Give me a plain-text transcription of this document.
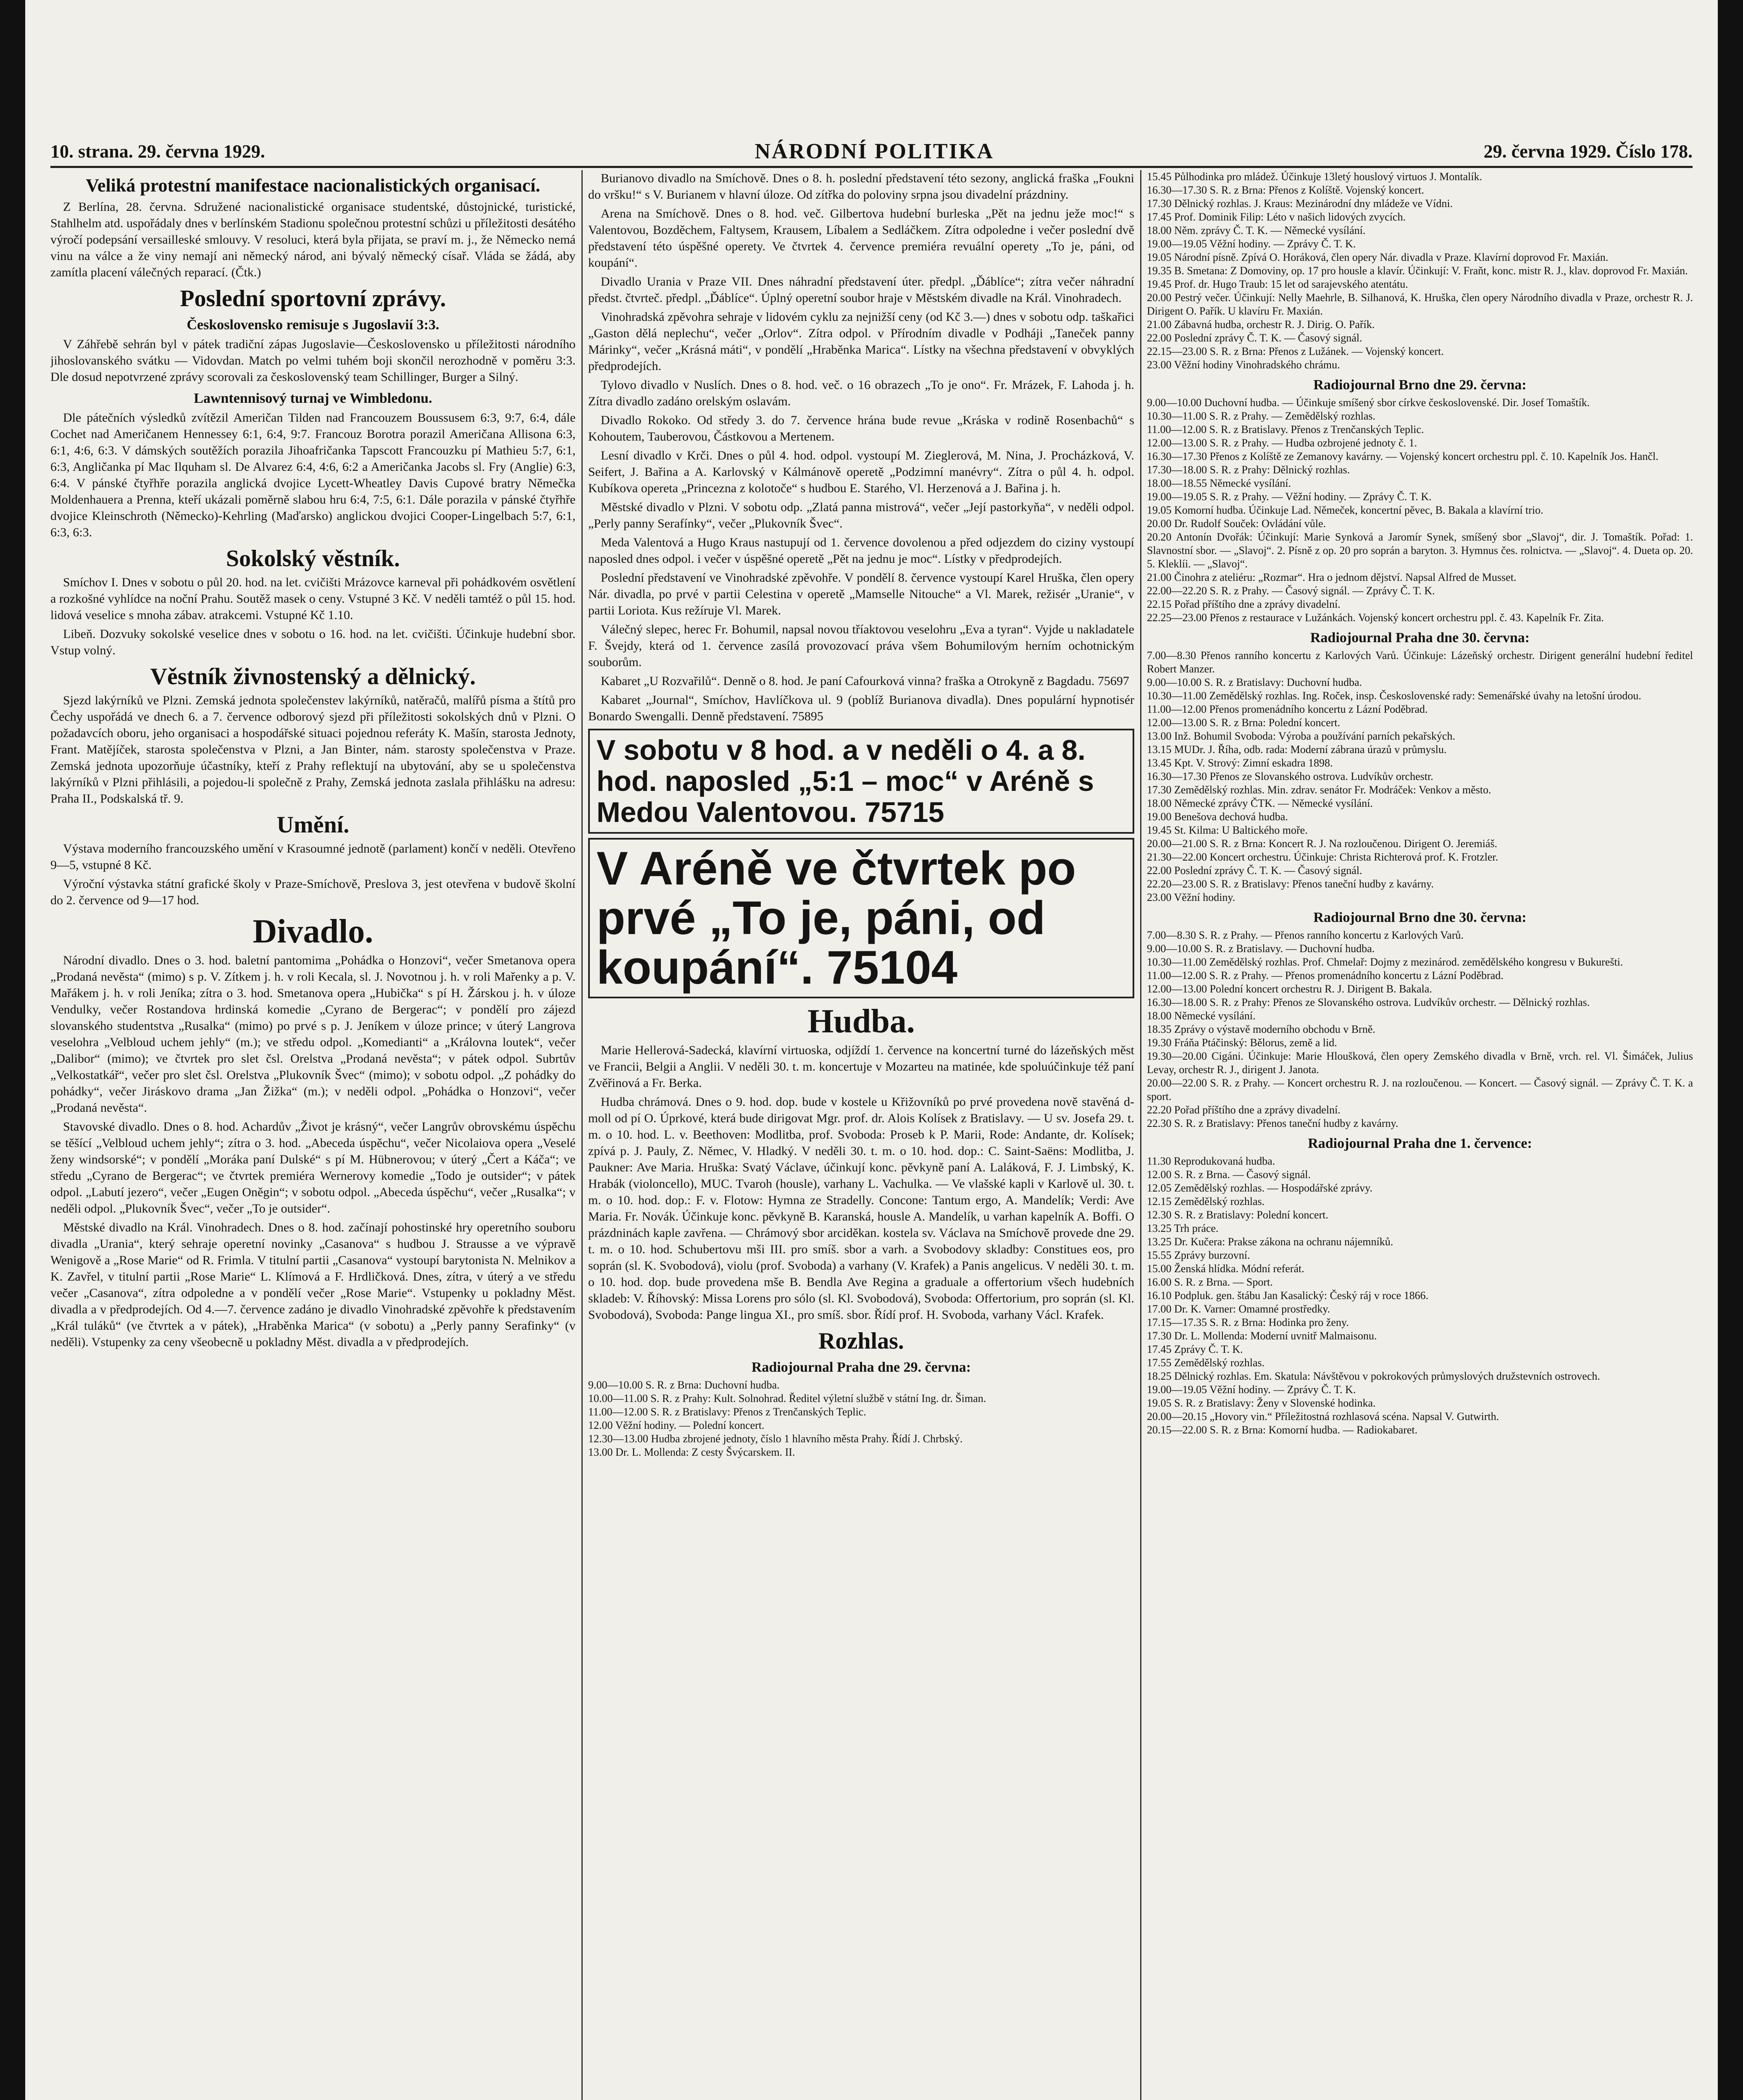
10. strana. 29. června 1929.	NÁRODNÍ POLITIKA	29. června 1929. Číslo 178.
Veliká protestní manifestace nacionalistických organisací.

Z Berlína, 28. června. Sdružené nacionalistické organisace studentské, důstojnické, turistické, Stahlhelm atd. uspořádaly dnes v berlínském Stadionu společnou protestní schůzi u příležitosti desátého výročí podepsání versailleské smlouvy. V resoluci, která byla přijata, se praví m. j., že Německo nemá vinu na válce a že viny nemají ani německý národ, ani bývalý německý císař. Vláda se žádá, aby zamítla placení válečných reparací. (Čtk.)

Poslední sportovní zprávy.
Československo remisuje s Jugoslavií 3:3.

V Záhřebě sehrán byl v pátek tradiční zápas Jugoslavie—Československo u příležitosti národního jihoslovanského svátku — Vidovdan. Match po velmi tuhém boji skončil nerozhodně v poměru 3:3. Dle dosud nepotvrzené zprávy scorovali za československý team Schillinger, Burger a Silný.

Lawntennisový turnaj ve Wimbledonu.

Dle pátečních výsledků zvítězil Američan Tilden nad Francouzem Boussusem 6:3, 9:7, 6:4, dále Cochet nad Američanem Hennessey 6:1, 6:4, 9:7. Francouz Borotra porazil Američana Allisona 6:3, 6:1, 4:6, 6:3. V dámských soutěžích porazila Jihoafričanka Tapscott Francouzku pí Mathieu 5:7, 6:1, 6:3, Angličanka pí Mac Ilquham sl. De Alvarez 6:4, 4:6, 6:2 a Američanka Jacobs sl. Fry (Anglie) 6:3, 6:4. V pánské čtyřhře porazila anglická dvojice Lycett-Wheatley Davis Cupové bratry Němečka Moldenhauera a Prenna, kteří ukázali poměrně slabou hru 6:4, 7:5, 6:1. Dále porazila v pánské čtyřhře dvojice Kleinschroth (Německo)-Kehrling (Maďarsko) anglickou dvojici Cooper-Lingelbach 5:7, 6:1, 6:3, 6:3.

Sokolský věstník.

Smíchov I. Dnes v sobotu o půl 20. hod. na let. cvičišti Mrázovce karneval při pohádkovém osvětlení a rozkošné vyhlídce na noční Prahu. Soutěž masek o ceny. Vstupné 3 Kč. V neděli tamtéž o půl 15. hod. lidová veselice s mnoha zábav. atrakcemi. Vstupné Kč 1.10.

Libeň. Dozvuky sokolské veselice dnes v sobotu o 16. hod. na let. cvičišti. Účinkuje hudební sbor. Vstup volný.

Věstník živnostenský a dělnický.

Sjezd lakýrníků ve Plzni. Zemská jednota společenstev lakýrníků, natěračů, malířů písma a štítů pro Čechy uspořádá ve dnech 6. a 7. července odborový sjezd při příležitosti sokolských dnů v Plzni. O požadavcích oboru, jeho organisaci a hospodářské situaci pojednou referáty K. Mašín, starosta Jednoty, Frant. Matějíček, starosta společenstva v Plzni, a Jan Binter, nám. starosty společenstva v Praze. Zemská jednota upozorňuje účastníky, kteří z Prahy reflektují na ubytování, aby se u společenstva lakýrníků v Plzni přihlásili, a pojedou-li společně z Prahy, Zemská jednota zaslala přihlášku na adresu: Praha II., Podskalská tř. 9.

Umění.

Výstava moderního francouzského umění v Krasoumné jednotě (parlament) končí v neděli. Otevřeno 9—5, vstupné 8 Kč.

Výroční výstavka státní grafické školy v Praze-Smíchově, Preslova 3, jest otevřena v budově školní do 2. července od 9—17 hod.

Divadlo.

Národní divadlo. Dnes o 3. hod. baletní pantomima „Pohádka o Honzovi“, večer Smetanova opera „Prodaná nevěsta“ (mimo) s p. V. Zítkem j. h. v roli Kecala, sl. J. Novotnou j. h. v roli Mařenky a p. V. Mařákem j. h. v roli Jeníka; zítra o 3. hod. Smetanova opera „Hubička“ s pí H. Žárskou j. h. v úloze Vendulky, večer Rostandova hrdinská komedie „Cyrano de Bergerac“; v pondělí pro zájezd slovanského studentstva „Rusalka“ (mimo) po prvé s p. J. Jeníkem v úloze prince; v úterý Langrova veselohra „Velbloud uchem jehly“ (m.); ve středu odpol. „Komedianti“ a „Královna loutek“, večer „Dalibor“ (mimo); ve čtvrtek pro slet čsl. Orelstva „Prodaná nevěsta“; v pátek odpol. Subrtův „Velkostatkář“, večer pro slet čsl. Orelstva „Plukovník Švec“ (mimo); v sobotu odpol. „Z pohádky do pohádky“, večer Jiráskovo drama „Jan Žižka“ (m.); v neděli odpol. „Pohádka o Honzovi“, večer „Prodaná nevěsta“.

Stavovské divadlo. Dnes o 8. hod. Achardův „Život je krásný“, večer Langrův obrovskému úspěchu se těšící „Velbloud uchem jehly“; zítra o 3. hod. „Abeceda úspěchu“, večer Nicolaiova opera „Veselé ženy windsorské“; v pondělí „Moráka paní Dulské“ s pí M. Hübnerovou; v úterý „Čert a Káča“; ve středu „Cyrano de Bergerac“; ve čtvrtek premiéra Wernerovy komedie „Todo je outsider“; v pátek odpol. „Labutí jezero“, večer „Eugen Oněgin“; v sobotu odpol. „Abeceda úspěchu“, večer „Rusalka“; v neděli odpol. „Plukovník Švec“, večer „To je outsider“.

Městské divadlo na Král. Vinohradech. Dnes o 8. hod. začínají pohostinské hry operetního souboru divadla „Urania“, který sehraje operetní novinky „Casanova“ s hudbou J. Strausse a ve výpravě Wenigově a „Rose Marie“ od R. Frimla. V titulní partii „Casanova“ vystoupí barytonista N. Melnikov a K. Zavřel, v titulní partii „Rose Marie“ L. Klímová a F. Hrdličková. Dnes, zítra, v úterý a ve středu večer „Casanova“, zítra odpoledne a v pondělí večer „Rose Marie“. Vstupenky u pokladny Měst. divadla a v předprodejích. Od 4.—7. července zadáno je divadlo Vinohradské zpěvohře k představením „Král tuláků“ (ve čtvrtek a v pátek), „Hraběnka Marica“ (v sobotu) a „Perly panny Serafinky“ (v neděli). Vstupenky za ceny všeobecně u pokladny Měst. divadla a v předprodejích.

Burianovo divadlo na Smíchově. Dnes o 8. h. poslední představení této sezony, anglická fraška „Foukni do vršku!“ s V. Burianem v hlavní úloze. Od zítřka do poloviny srpna jsou divadelní prázdniny.

Arena na Smíchově. Dnes o 8. hod. več. Gilbertova hudební burleska „Pět na jednu ježe moc!“ s Valentovou, Bozděchem, Faltysem, Krausem, Líbalem a Sedláčkem. Zítra odpoledne i večer poslední dvě představení této úspěšné operety. Ve čtvrtek 4. července premiéra revuální operety „To je, páni, od koupání“.

Divadlo Urania v Praze VII. Dnes náhradní představení úter. předpl. „Ďáblíce“; zítra večer náhradní předst. čtvrteč. předpl. „Ďáblíce“. Úplný operetní soubor hraje v Městském divadle na Král. Vinohradech.

Vinohradská zpěvohra sehraje v lidovém cyklu za nejnižší ceny (od Kč 3.—) dnes v sobotu odp. taškařici „Gaston dělá neplechu“, večer „Orlov“. Zítra odpol. v Přírodním divadle v Podháji „Taneček panny Márinky“, večer „Krásná máti“, v pondělí „Hraběnka Marica“. Lístky na všechna představení v obvyklých předprodejích.

Tylovo divadlo v Nuslích. Dnes o 8. hod. več. o 16 obrazech „To je ono“. Fr. Mrázek, F. Lahoda j. h. Zítra divadlo zadáno orelským oslavám.

Divadlo Rokoko. Od středy 3. do 7. července hrána bude revue „Kráska v rodině Rosenbachů“ s Kohoutem, Tauberovou, Částkovou a Mertenem.

Lesní divadlo v Krči. Dnes o půl 4. hod. odpol. vystoupí M. Zieglerová, M. Nina, J. Procházková, V. Seifert, J. Bařina a A. Karlovský v Kálmánově operetě „Podzimní manévry“. Zítra o půl 4. h. odpol. Kubíkova opereta „Princezna z kolotoče“ s hudbou E. Starého, Vl. Herzenová a J. Bařina j. h.

Městské divadlo v Plzni. V sobotu odp. „Zlatá panna mistrová“, večer „Její pastorkyňa“, v neděli odpol. „Perly panny Serafínky“, večer „Plukovník Švec“.

Meda Valentová a Hugo Kraus nastupují od 1. července dovolenou a před odjezdem do ciziny vystoupí naposled dnes odpol. i večer v úspěšné operetě „Pět na jednu je moc“. Lístky v předprodejích.

Poslední představení ve Vinohradské zpěvohře. V pondělí 8. července vystoupí Karel Hruška, člen opery Nár. divadla, po prvé v partii Celestina v operetě „Mamselle Nitouche“ a Vl. Marek, režisér „Uranie“, v partii Loriota. Kus režíruje Vl. Marek.

Válečný slepec, herec Fr. Bohumil, napsal novou tříaktovou veselohru „Eva a tyran“. Vyjde u nakladatele F. Švejdy, která od 1. července zasílá provozovací práva všem Bohumilovým herním ochotnickým souborům.

Kabaret „U Rozvařilů“. Denně o 8. hod. Je paní Cafourková vinna? fraška a Otrokyně z Bagdadu. 75697

Kabaret „Journal“, Smíchov, Havlíčkova ul. 9 (poblíž Burianova divadla). Dnes populární hypnotisér Bonardo Swengalli. Denně představení. 75895

V sobotu v 8 hod. a v neděli o 4. a 8. hod. naposled „5:1 – moc“ v Aréně s Medou Valentovou. 75715
V Aréně ve čtvrtek po prvé „To je, páni, od koupání“. 75104
Hudba.

Marie Hellerová-Sadecká, klavírní virtuoska, odjíždí 1. července na koncertní turné do lázeňských měst ve Francii, Belgii a Anglii. V neděli 30. t. m. koncertuje v Mozarteu na matinée, kde spoluúčinkuje též paní Zvěřinová a Fr. Berka.

Hudba chrámová. Dnes o 9. hod. dop. bude v kostele u Křižovníků po prvé provedena nově stavěná d-moll od pí O. Úprkové, která bude dirigovat Mgr. prof. dr. Alois Kolísek z Bratislavy. — U sv. Josefa 29. t. m. o 10. hod. L. v. Beethoven: Modlitba, prof. Svoboda: Proseb k P. Marii, Rode: Andante, dr. Kolísek; zpívá p. J. Pauly, Z. Němec, V. Hladký. V neděli 30. t. m. o 10. hod. dop.: C. Saint-Saëns: Modlitba, J. Paukner: Ave Maria. Hruška: Svatý Václave, účinkují konc. pěvkyně paní A. Laláková, F. J. Limbský, K. Hrabák (violoncello), MUC. Tvaroh (housle), varhany L. Vachulka. — Ve vlašské kapli v Karlově ul. 30. t. m. o 10. hod. dop.: F. v. Flotow: Hymna ze Stradelly. Concone: Tantum ergo, A. Mandelík; Verdi: Ave Maria. Fr. Novák. Účinkuje konc. pěvkyně B. Karanská, housle A. Mandelík, u varhan kapelník A. Boffi. O prázdninách kaple zavřena. — Chrámový sbor arciděkan. kostela sv. Václava na Smíchově provede dne 29. t. m. o 10. hod. Schubertovu mši III. pro smíš. sbor a varh. a Svobodovy skladby: Constitues eos, pro soprán (sl. K. Svobodová), violu (prof. Svoboda) a varhany (V. Krafek) a Panis angelicus. V neděli 30. t. m. o 10. hod. dop. bude provedena mše B. Bendla Ave Regina a graduale a offertorium všech hudebních skladeb: V. Říhovský: Missa Lorens pro sólo (sl. Kl. Svobodová), Svoboda: Offertorium, pro soprán (sl. Kl. Svobodová), Svoboda: Pange lingua XI., pro smíš. sbor. Řídí prof. H. Svoboda, varhany Václ. Krafek.

Rozhlas.
Radiojournal Praha dne 29. června:

9.00—10.00 S. R. z Brna: Duchovní hudba.

10.00—11.00 S. R. z Prahy: Kult. Solnohrad. Ředitel výletní službě v státní Ing. dr. Šiman.

11.00—12.00 S. R. z Bratislavy: Přenos z Trenčanských Teplic.

12.00 Věžní hodiny. — Polední koncert.

12.30—13.00 Hudba zbrojené jednoty, číslo 1 hlavního města Prahy. Řídí J. Chrbský.

13.00 Dr. L. Mollenda: Z cesty Švýcarskem. II.

15.45 Půlhodinka pro mládež. Účinkuje 13letý houslový virtuos J. Montalík.

16.30—17.30 S. R. z Brna: Přenos z Kolíště. Vojenský koncert.

17.30 Dělnický rozhlas. J. Kraus: Mezinárodní dny mládeže ve Vídni.

17.45 Prof. Dominik Filip: Léto v našich lidových zvycích.

18.00 Něm. zprávy Č. T. K. — Německé vysílání.

19.00—19.05 Věžní hodiny. — Zprávy Č. T. K.

19.05 Národní písně. Zpívá O. Horáková, člen opery Nár. divadla v Praze. Klavírní doprovod Fr. Maxián.

19.35 B. Smetana: Z Domoviny, op. 17 pro housle a klavír. Účinkují: V. Fraňt, konc. mistr R. J., klav. doprovod Fr. Maxián.

19.45 Prof. dr. Hugo Traub: 15 let od sarajevského atentátu.

20.00 Pestrý večer. Účinkují: Nelly Maehrle, B. Silhanová, K. Hruška, člen opery Národního divadla v Praze, orchestr R. J. Dirigent O. Pařík. U klavíru Fr. Maxián.

21.00 Zábavná hudba, orchestr R. J. Dirig. O. Pařík.

22.00 Poslední zprávy Č. T. K. — Časový signál.

22.15—23.00 S. R. z Brna: Přenos z Lužánek. — Vojenský koncert.

23.00 Věžní hodiny Vinohradského chrámu.

Radiojournal Brno dne 29. června:

9.00—10.00 Duchovní hudba. — Účinkuje smíšený sbor církve československé. Dir. Josef Tomaštík.

10.30—11.00 S. R. z Prahy. — Zemědělský rozhlas.

11.00—12.00 S. R. z Bratislavy. Přenos z Trenčanských Teplic.

12.00—13.00 S. R. z Prahy. — Hudba ozbrojené jednoty č. 1.

16.30—17.30 Přenos z Kolíště ze Zemanovy kavárny. — Vojenský koncert orchestru ppl. č. 10. Kapelník Jos. Hančl.

17.30—18.00 S. R. z Prahy: Dělnický rozhlas.

18.00—18.55 Německé vysílání.

19.00—19.05 S. R. z Prahy. — Věžní hodiny. — Zprávy Č. T. K.

19.05 Komorní hudba. Účinkuje Lad. Němeček, koncertní pěvec, B. Bakala a klavírní trio.

20.00 Dr. Rudolf Souček: Ovládání vůle.

20.20 Antonín Dvořák: Účinkují: Marie Synková a Jaromír Synek, smíšený sbor „Slavoj“, dir. J. Tomaštík. Pořad: 1. Slavnostní sbor. — „Slavoj“. 2. Písně z op. 20 pro soprán a baryton. 3. Hymnus čes. rolnictva. — „Slavoj“. 4. Dueta op. 20. 5. Kleklíi. — „Slavoj“.

21.00 Činohra z ateliéru: „Rozmar“. Hra o jednom dějství. Napsal Alfred de Musset.

22.00—22.20 S. R. z Prahy. — Časový signál. — Zprávy Č. T. K.

22.15 Pořad příštího dne a zprávy divadelní.

22.25—23.00 Přenos z restaurace v Lužánkách. Vojenský koncert orchestru ppl. č. 43. Kapelník Fr. Zita.

Radiojournal Praha dne 30. června:

7.00—8.30 Přenos ranního koncertu z Karlových Varů. Účinkuje: Lázeňský orchestr. Dirigent generální hudební ředitel Robert Manzer.

9.00—10.00 S. R. z Bratislavy: Duchovní hudba.

10.30—11.00 Zemědělský rozhlas. Ing. Roček, insp. Československé rady: Semenářské úvahy na letošní úrodou.

11.00—12.00 Přenos promenádního koncertu z Lázní Poděbrad.

12.00—13.00 S. R. z Brna: Polední koncert.

13.00 Inž. Bohumil Svoboda: Výroba a používání parních pekařských.

13.15 MUDr. J. Říha, odb. rada: Moderní zábrana úrazů v průmyslu.

13.45 Kpt. V. Strový: Zimní eskadra 1898.

16.30—17.30 Přenos ze Slovanského ostrova. Ludvíkův orchestr.

17.30 Zemědělský rozhlas. Min. zdrav. senátor Fr. Modráček: Venkov a město.

18.00 Německé zprávy ČTK. — Německé vysílání.

19.00 Benešova dechová hudba.

19.45 St. Kilma: U Baltického moře.

20.00—21.00 S. R. z Brna: Koncert R. J. Na rozloučenou. Dirigent O. Jeremiáš.

21.30—22.00 Koncert orchestru. Účinkuje: Christa Richterová prof. K. Frotzler.

22.00 Poslední zprávy Č. T. K. — Časový signál.

22.20—23.00 S. R. z Bratislavy: Přenos taneční hudby z kavárny.

23.00 Věžní hodiny.

Radiojournal Brno dne 30. června:

7.00—8.30 S. R. z Prahy. — Přenos ranního koncertu z Karlových Varů.

9.00—10.00 S. R. z Bratislavy. — Duchovní hudba.

10.30—11.00 Zemědělský rozhlas. Prof. Chmelař: Dojmy z mezinárod. zemědělského kongresu v Bukurešti.

11.00—12.00 S. R. z Prahy. — Přenos promenádního koncertu z Lázní Poděbrad.

12.00—13.00 Polední koncert orchestru R. J. Dirigent B. Bakala.

16.30—18.00 S. R. z Prahy: Přenos ze Slovanského ostrova. Ludvíkův orchestr. — Dělnický rozhlas.

18.00 Německé vysílání.

18.35 Zprávy o výstavě moderního obchodu v Brně.

19.30 Fráňa Ptáčinský: Bělorus, země a lid.

19.30—20.00 Cigáni. Účinkuje: Marie Hloušková, člen opery Zemského divadla v Brně, vrch. rel. Vl. Šimáček, Julius Levay, orchestr R. J., dirigent J. Janota.

20.00—22.00 S. R. z Prahy. — Koncert orchestru R. J. na rozloučenou. — Koncert. — Časový signál. — Zprávy Č. T. K. a sport.

22.20 Pořad příštího dne a zprávy divadelní.

22.30 S. R. z Bratislavy: Přenos taneční hudby z kavárny.

Radiojournal Praha dne 1. července:

11.30 Reprodukovaná hudba.

12.00 S. R. z Brna. — Časový signál.

12.05 Zemědělský rozhlas. — Hospodářské zprávy.

12.15 Zemědělský rozhlas.

12.30 S. R. z Bratislavy: Polední koncert.

13.25 Trh práce.

13.25 Dr. Kučera: Prakse zákona na ochranu nájemníků.

15.55 Zprávy burzovní.

15.00 Ženská hlídka. Módní referát.

16.00 S. R. z Brna. — Sport.

16.10 Podpluk. gen. štábu Jan Kasalický: Český ráj v roce 1866.

17.00 Dr. K. Varner: Omamné prostředky.

17.15—17.35 S. R. z Brna: Hodinka pro ženy.

17.30 Dr. L. Mollenda: Moderní uvnitř Malmaisonu.

17.45 Zprávy Č. T. K.

17.55 Zemědělský rozhlas.

18.25 Dělnický rozhlas. Em. Skatula: Návštěvou v pokrokových průmyslových družstevních ostrovech.

19.00—19.05 Věžní hodiny. — Zprávy Č. T. K.

19.05 S. R. z Bratislavy: Ženy v Slovenské hodinka.

20.00—20.15 „Hovory vin.“ Příležitostná rozhlasová scéna. Napsal V. Gutwirth.

20.15—22.00 S. R. z Brna: Komorní hudba. — Radiokabaret.
